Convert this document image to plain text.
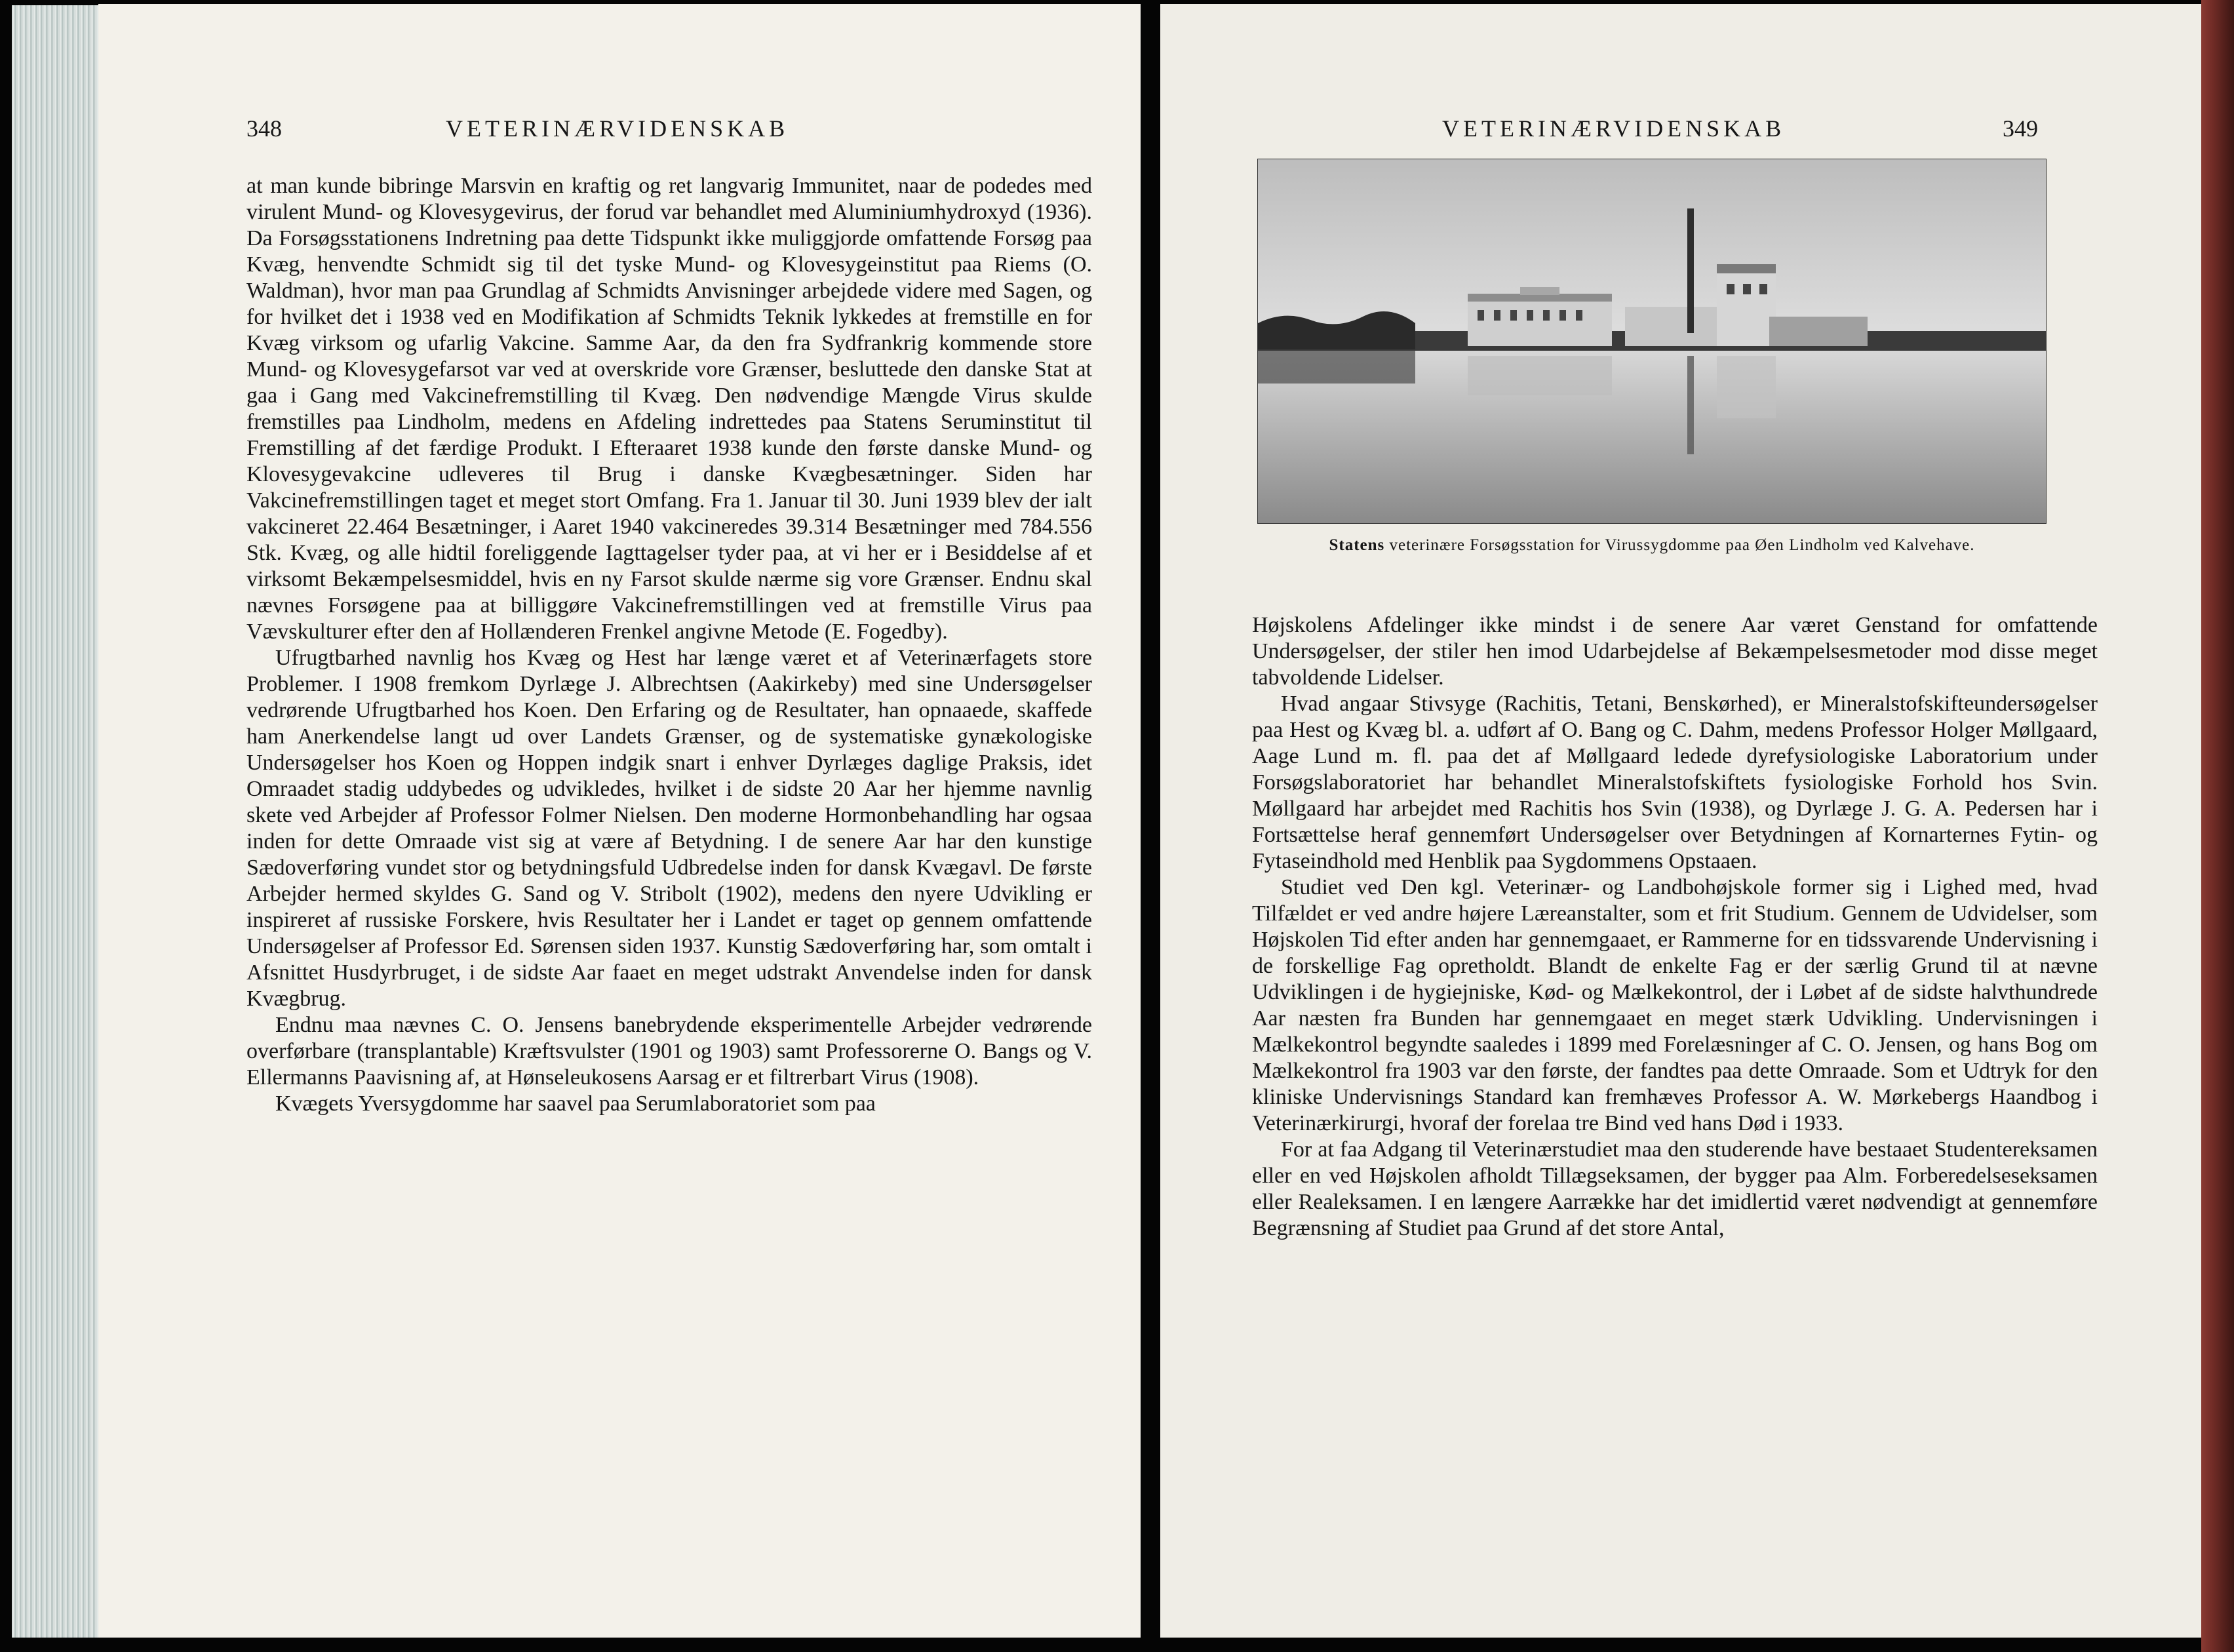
348	VETERINÆRVIDENSKAB

at man kunde bibringe Marsvin en kraftig og ret langvarig Immunitet, naar de podedes med virulent Mund- og Klovesygevirus, der forud var behandlet med Aluminiumhydroxyd (1936). Da Forsøgsstationens Indretning paa dette Tidspunkt ikke muliggjorde omfattende Forsøg paa Kvæg, henvendte Schmidt sig til det tyske Mund- og Klovesygeinstitut paa Riems (O. Waldman), hvor man paa Grundlag af Schmidts Anvisninger arbejdede videre med Sagen, og for hvilket det i 1938 ved en Modifikation af Schmidts Teknik lykkedes at fremstille en for Kvæg virksom og ufarlig Vakcine. Samme Aar, da den fra Sydfrankrig kommende store Mund- og Klovesygefarsot var ved at overskride vore Grænser, besluttede den danske Stat at gaa i Gang med Vakcinefremstilling til Kvæg. Den nødvendige Mængde Virus skulde fremstilles paa Lindholm, medens en Afdeling indrettedes paa Statens Seruminstitut til Fremstilling af det færdige Produkt. I Efteraaret 1938 kunde den første danske Mund- og Klovesygevakcine udleveres til Brug i danske Kvægbesætninger. Siden har Vakcinefremstillingen taget et meget stort Omfang. Fra 1. Januar til 30. Juni 1939 blev der ialt vakcineret 22.464 Besætninger, i Aaret 1940 vakcineredes 39.314 Besætninger med 784.556 Stk. Kvæg, og alle hidtil foreliggende Iagttagelser tyder paa, at vi her er i Besiddelse af et virksomt Bekæmpelsesmiddel, hvis en ny Farsot skulde nærme sig vore Grænser. Endnu skal nævnes Forsøgene paa at billiggøre Vakcinefremstillingen ved at fremstille Virus paa Vævskulturer efter den af Hollænderen Frenkel angivne Metode (E. Fogedby).

Ufrugtbarhed navnlig hos Kvæg og Hest har længe været et af Veterinærfagets store Problemer. I 1908 fremkom Dyrlæge J. Albrechtsen (Aakirkeby) med sine Undersøgelser vedrørende Ufrugtbarhed hos Koen. Den Erfaring og de Resultater, han opnaaede, skaffede ham Anerkendelse langt ud over Landets Grænser, og de systematiske gynækologiske Undersøgelser hos Koen og Hoppen indgik snart i enhver Dyrlæges daglige Praksis, idet Omraadet stadig uddybedes og udvikledes, hvilket i de sidste 20 Aar her hjemme navnlig skete ved Arbejder af Professor Folmer Nielsen. Den moderne Hormonbehandling har ogsaa inden for dette Omraade vist sig at være af Betydning. I de senere Aar har den kunstige Sædoverføring vundet stor og betydningsfuld Udbredelse inden for dansk Kvægavl. De første Arbejder hermed skyldes G. Sand og V. Stribolt (1902), medens den nyere Udvikling er inspireret af russiske Forskere, hvis Resultater her i Landet er taget op gennem omfattende Undersøgelser af Professor Ed. Sørensen siden 1937. Kunstig Sædoverføring har, som omtalt i Afsnittet Husdyrbruget, i de sidste Aar faaet en meget udstrakt Anvendelse inden for dansk Kvægbrug.

Endnu maa nævnes C. O. Jensens banebrydende eksperimentelle Arbejder vedrørende overførbare (transplantable) Kræftsvulster (1901 og 1903) samt Professorerne O. Bangs og V. Ellermanns Paavisning af, at Hønseleukosens Aarsag er et filtrerbart Virus (1908).

Kvægets Yversygdomme har saavel paa Serumlaboratoriet som paa

VETERINÆRVIDENSKAB	349
Statens veterinære Forsøgsstation for Virussygdomme paa Øen Lindholm ved Kalvehave.

Højskolens Afdelinger ikke mindst i de senere Aar været Genstand for omfattende Undersøgelser, der stiler hen imod Udarbejdelse af Bekæmpelsesmetoder mod disse meget tabvoldende Lidelser.

Hvad angaar Stivsyge (Rachitis, Tetani, Benskørhed), er Mineralstofskifteundersøgelser paa Hest og Kvæg bl. a. udført af O. Bang og C. Dahm, medens Professor Holger Møllgaard, Aage Lund m. fl. paa det af Møllgaard ledede dyrefysiologiske Laboratorium under Forsøgslaboratoriet har behandlet Mineralstofskiftets fysiologiske Forhold hos Svin. Møllgaard har arbejdet med Rachitis hos Svin (1938), og Dyrlæge J. G. A. Pedersen har i Fortsættelse heraf gennemført Undersøgelser over Betydningen af Kornarternes Fytin- og Fytaseindhold med Henblik paa Sygdommens Opstaaen.

Studiet ved Den kgl. Veterinær- og Landbohøjskole former sig i Lighed med, hvad Tilfældet er ved andre højere Læreanstalter, som et frit Studium. Gennem de Udvidelser, som Højskolen Tid efter anden har gennemgaaet, er Rammerne for en tidssvarende Undervisning i de forskellige Fag opretholdt. Blandt de enkelte Fag er der særlig Grund til at nævne Udviklingen i de hygiejniske, Kød- og Mælkekontrol, der i Løbet af de sidste halvthundrede Aar næsten fra Bunden har gennemgaaet en meget stærk Udvikling. Undervisningen i Mælkekontrol begyndte saaledes i 1899 med Forelæsninger af C. O. Jensen, og hans Bog om Mælkekontrol fra 1903 var den første, der fandtes paa dette Omraade. Som et Udtryk for den kliniske Undervisnings Standard kan fremhæves Professor A. W. Mørkebergs Haandbog i Veterinærkirurgi, hvoraf der forelaa tre Bind ved hans Død i 1933.

For at faa Adgang til Veterinærstudiet maa den studerende have bestaaet Studentereksamen eller en ved Højskolen afholdt Tillægseksamen, der bygger paa Alm. Forberedelseseksamen eller Realeksamen. I en længere Aarrække har det imidlertid været nødvendigt at gennemføre Begrænsning af Studiet paa Grund af det store Antal,
